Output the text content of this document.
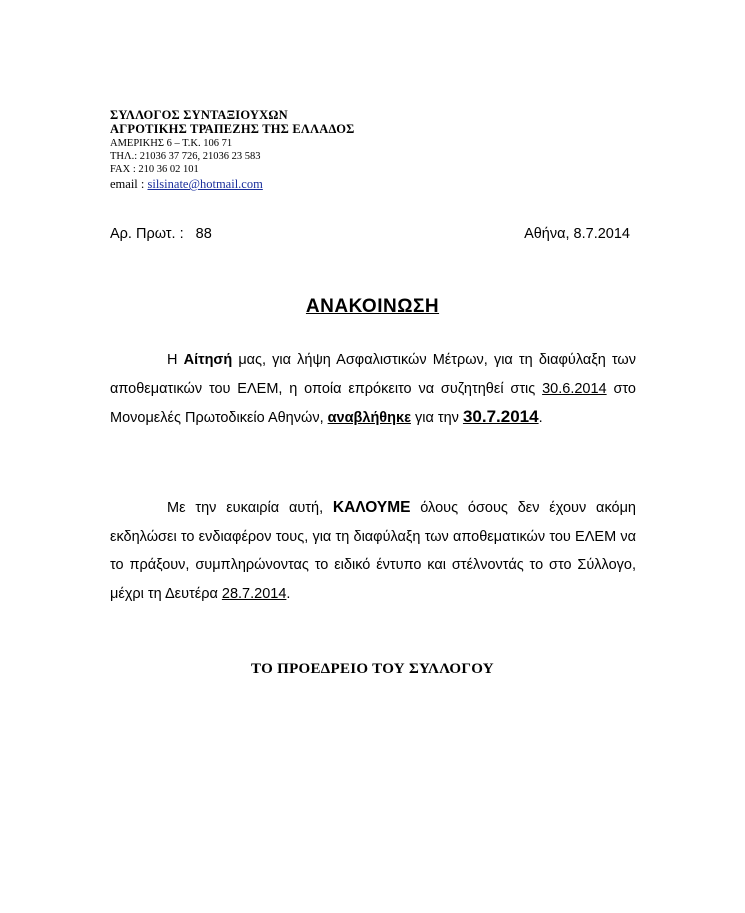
ΣΥΛΛΟΓΟΣ ΣΥΝΤΑΞΙΟΥΧΩΝ
ΑΓΡΟΤΙΚΗΣ ΤΡΑΠΕΖΗΣ ΤΗΣ ΕΛΛΑΔΟΣ
ΑΜΕΡΙΚΗΣ 6 – Τ.Κ. 106 71
ΤΗΛ.: 21036 37 726, 21036 23 583
FAX : 210 36 02 101
email : silsinate@hotmail.com
Αρ. Πρωτ. : 88	Αθήνα, 8.7.2014
ΑΝΑΚΟΙΝΩΣΗ
Η Αίτησή μας, για λήψη Ασφαλιστικών Μέτρων, για τη διαφύλαξη των αποθεματικών του ΕΛΕΜ, η οποία επρόκειτο να συζητηθεί στις 30.6.2014 στο Μονομελές Πρωτοδικείο Αθηνών, αναβλήθηκε για την 30.7.2014.
Με την ευκαιρία αυτή, ΚΑΛΟΥΜΕ όλους όσους δεν έχουν ακόμη εκδηλώσει το ενδιαφέρον τους, για τη διαφύλαξη των αποθεματικών του ΕΛΕΜ να το πράξουν, συμπληρώνοντας το ειδικό έντυπο και στέλνοντάς το στο Σύλλογο, μέχρι τη Δευτέρα 28.7.2014.
ΤΟ ΠΡΟΕΔΡΕΙΟ ΤΟΥ ΣΥΛΛΟΓΟΥ
